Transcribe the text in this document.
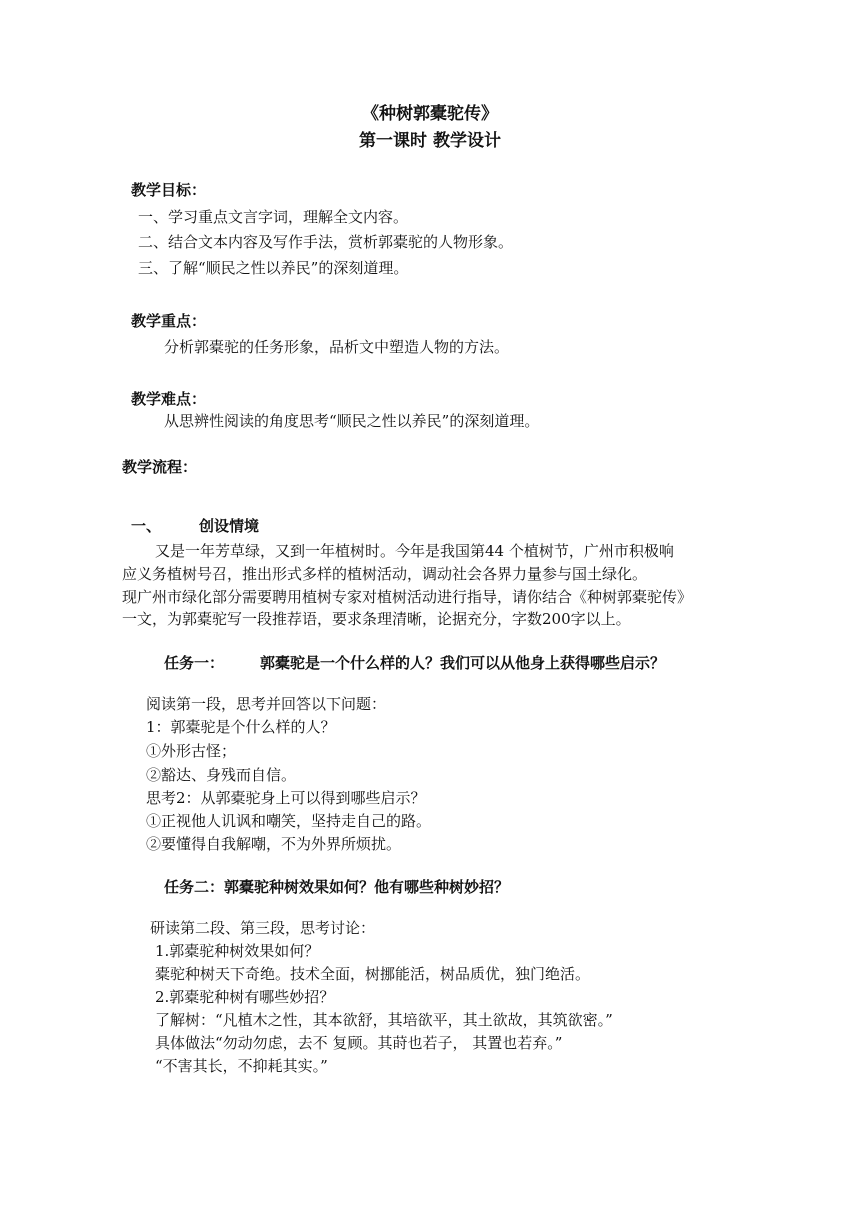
《种树郭橐驼传》
第一课时 教学设计
教学目标：
一、学习重点文言字词，理解全文内容。
二、结合文本内容及写作手法，赏析郭橐驼的人物形象。
三、了解“顺民之性以养民”的深刻道理。
教学重点：
分析郭橐驼的任务形象，品析文中塑造人物的方法。
教学难点：
从思辨性阅读的角度思考“顺民之性以养民”的深刻道理。
教学流程：
一、	创设情境
又是一年芳草绿，又到一年植树时。今年是我国第44 个植树节，广州市积极响
应义务植树号召，推出形式多样的植树活动，调动社会各界力量参与国土绿化。
现广州市绿化部分需要聘用植树专家对植树活动进行指导，请你结合《种树郭橐驼传》
一文，为郭橐驼写一段推荐语，要求条理清晰，论据充分，字数200字以上。
任务一： 郭橐驼是一个什么样的人？我们可以从他身上获得哪些启示？
阅读第一段，思考并回答以下问题：
1：郭橐驼是个什么样的人？
①外形古怪；
②豁达、身残而自信。
思考2：从郭橐驼身上可以得到哪些启示？
①正视他人讥讽和嘲笑，坚持走自己的路。
②要懂得自我解嘲，不为外界所烦扰。
任务二：郭橐驼种树效果如何？他有哪些种树妙招？
研读第二段、第三段，思考讨论：
1.郭橐驼种树效果如何？
橐驼种树天下奇绝。技术全面，树挪能活，树品质优，独门绝活。
2.郭橐驼种树有哪些妙招？
了解树：“凡植木之性，其本欲舒，其培欲平，其土欲故，其筑欲密。”
具体做法“勿动勿虑，去不 复顾。其莳也若子， 其置也若弃。”
“不害其长，不抑耗其实。”
